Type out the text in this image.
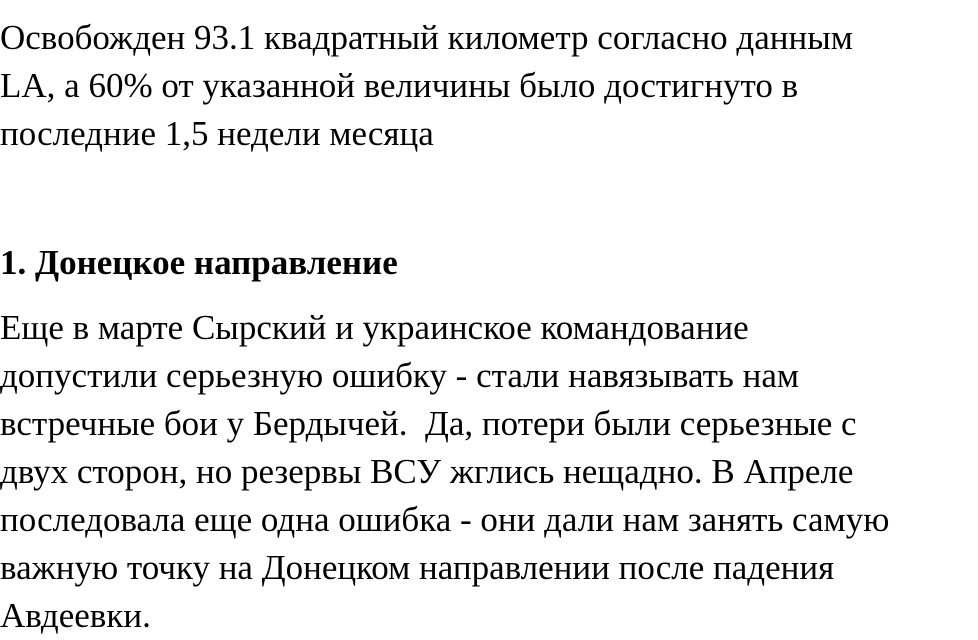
Освобожден 93.1 квадратный километр согласно данным

LA, а 60% от указанной величины было достигнуто в

последние 1,5 недели месяца

1. Донецкое направление

Еще в марте Сырский и украинское командование

допустили серьезную ошибку - стали навязывать нам

встречные бои у Бердычей.  Да, потери были серьезные с

двух сторон, но резервы ВСУ жглись нещадно. В Апреле

последовала еще одна ошибка - они дали нам занять самую

важную точку на Донецком направлении после падения

Авдеевки.
